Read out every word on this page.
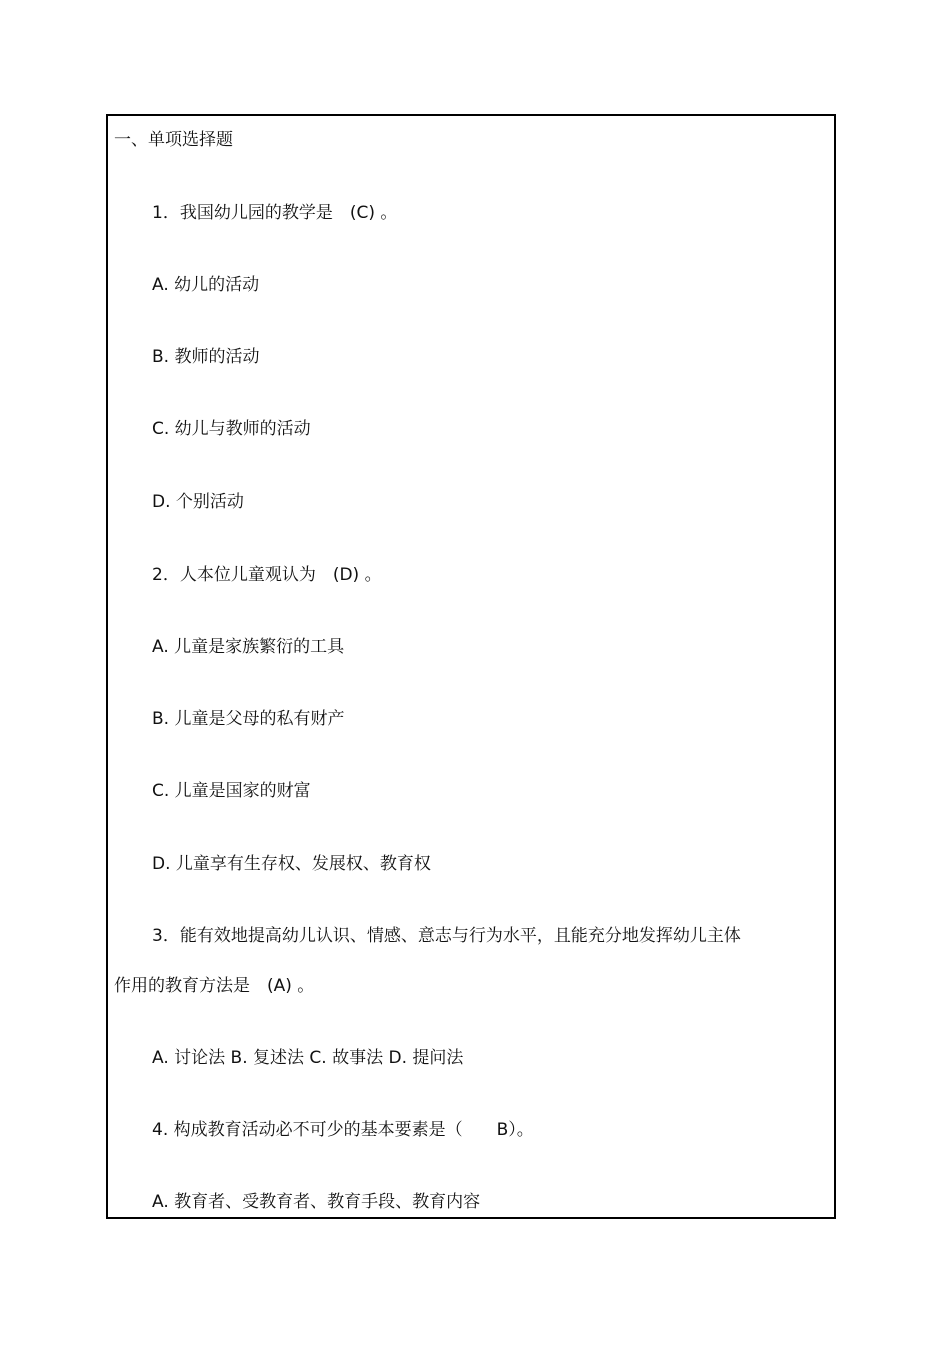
一、单项选择题
1．我国幼儿园的教学是　(C) 。
A. 幼儿的活动
B. 教师的活动
C. 幼儿与教师的活动
D. 个别活动
2．人本位儿童观认为　(D) 。
A. 儿童是家族繁衍的工具
B. 儿童是父母的私有财产
C. 儿童是国家的财富
D. 儿童享有生存权、发展权、教育权
3．能有效地提高幼儿认识、情感、意志与行为水平，且能充分地发挥幼儿主体
作用的教育方法是　(A) 。
A. 讨论法 B. 复述法 C. 故事法 D. 提问法
4. 构成教育活动必不可少的基本要素是（　　B）。
A. 教育者、受教育者、教育手段、教育内容
